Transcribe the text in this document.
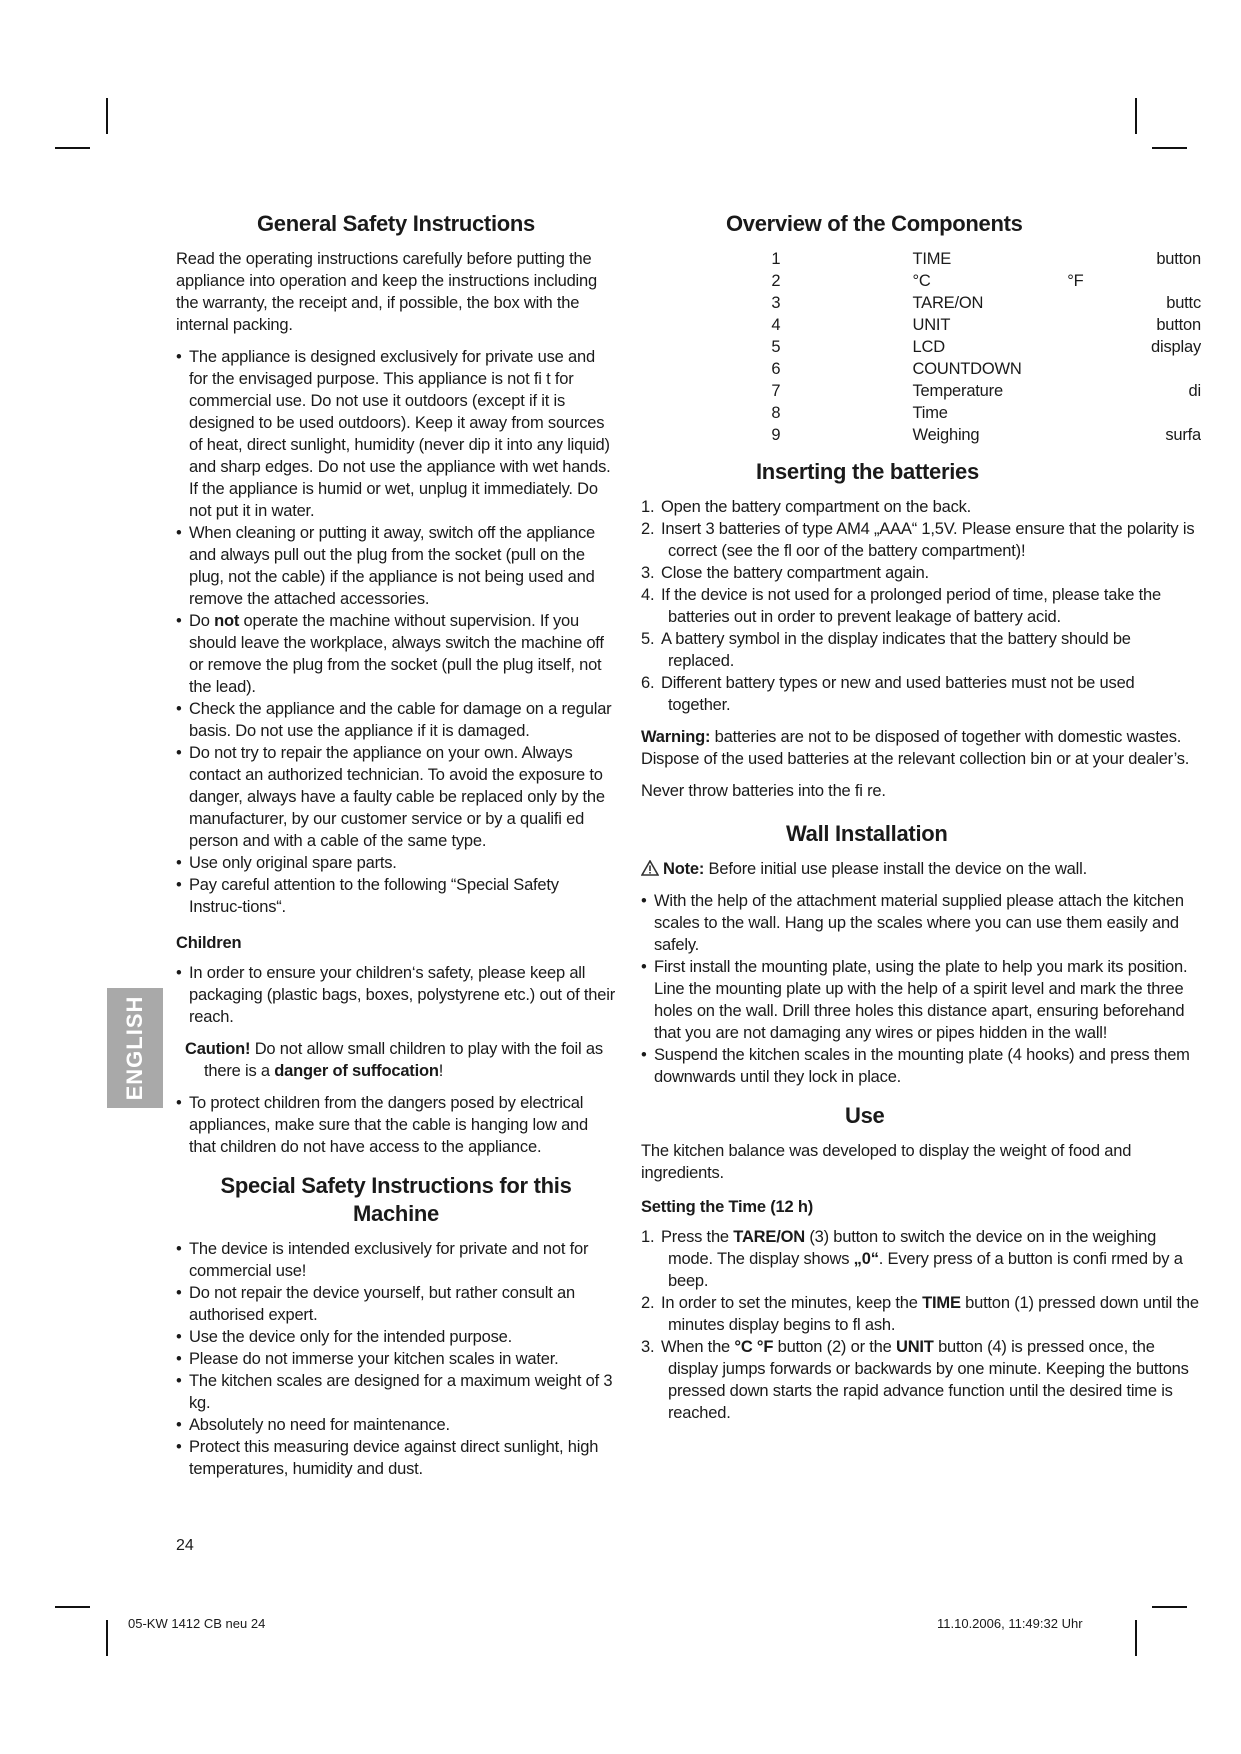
ENGLISH
General Safety Instructions

Read the operating instructions carefully before putting the appliance into operation and keep the instructions including the warranty, the receipt and, if possible, the box with the internal packing.

• The appliance is designed exclusively for private use and for the envisaged purpose. This appliance is not fi t for commercial use. Do not use it outdoors (except if it is designed to be used outdoors). Keep it away from sources of heat, direct sunlight, humidity (never dip it into any liquid) and sharp edges. Do not use the appliance with wet hands. If the appliance is humid or wet, unplug it immediately. Do not put it in water.
• When cleaning or putting it away, switch off the appliance and always pull out the plug from the socket (pull on the plug, not the cable) if the appliance is not being used and remove the attached accessories.
• Do not operate the machine without supervision. If you should leave the workplace, always switch the machine off or remove the plug from the socket (pull the plug itself, not the lead).
• Check the appliance and the cable for damage on a regular basis. Do not use the appliance if it is damaged.
• Do not try to repair the appliance on your own. Always contact an authorized technician. To avoid the exposure to danger, always have a faulty cable be replaced only by the manufacturer, by our customer service or by a qualifi ed person and with a cable of the same type.
• Use only original spare parts.
• Pay careful attention to the following “Special Safety Instruc-tions“.
Children
• In order to ensure your children‘s safety, please keep all packaging (plastic bags, boxes, polystyrene etc.) out of their reach.

Caution! Do not allow small children to play with the foil as there is a danger of suffocation!

• To protect children from the dangers posed by electrical appliances, make sure that the cable is hanging low and that children do not have access to the appliance.
Special Safety Instructions for this Machine
• The device is intended exclusively for private and not for commercial use!
• Do not repair the device yourself, but rather consult an authorised expert.
• Use the device only for the intended purpose.
• Please do not immerse your kitchen scales in water.
• The kitchen scales are designed for a maximum weight of 3 kg.
• Absolutely no need for maintenance.
• Protect this measuring device against direct sunlight, high temperatures, humidity and dust.
Overview of the Components
1		TIME	button
2		°C	°F
3		TARE/ON	buttc
4		UNIT	button
5		LCD	display
6		COUNTDOWN	
7		Temperature	di
8		Time	
9		Weighing	surfa
Inserting the batteries
1. Open the battery compartment on the back.
2. Insert 3 batteries of type AM4 „AAA“ 1,5V. Please ensure that the polarity is correct (see the fl oor of the battery compartment)!
3. Close the battery compartment again.
4. If the device is not used for a prolonged period of time, please take the batteries out in order to prevent leakage of battery acid.
5. A battery symbol in the display indicates that the battery should be replaced.
6. Different battery types or new and used batteries must not be used together.

Warning: batteries are not to be disposed of together with domestic wastes. Dispose of the used batteries at the relevant collection bin or at your dealer’s.

Never throw batteries into the fi re.

Wall Installation

Note: Before initial use please install the device on the wall.

• With the help of the attachment material supplied please attach the kitchen scales to the wall. Hang up the scales where you can use them easily and safely.
• First install the mounting plate, using the plate to help you mark its position. Line the mounting plate up with the help of a spirit level and mark the three holes on the wall. Drill three holes this distance apart, ensuring beforehand that you are not damaging any wires or pipes hidden in the wall!
• Suspend the kitchen scales in the mounting plate (4 hooks) and press them downwards until they lock in place.
Use

The kitchen balance was developed to display the weight of food and ingredients.

Setting the Time (12 h)
1. Press the TARE/ON (3) button to switch the device on in the weighing mode. The display shows „0“. Every press of a button is confi rmed by a beep.
2. In order to set the minutes, keep the TIME button (1) pressed down until the minutes display begins to fl ash.
3. When the °C °F button (2) or the UNIT button (4) is pressed once, the display jumps forwards or backwards by one minute. Keeping the buttons pressed down starts the rapid advance function until the desired time is reached.
24
05-KW 1412 CB neu 24	11.10.2006, 11:49:32 Uhr
